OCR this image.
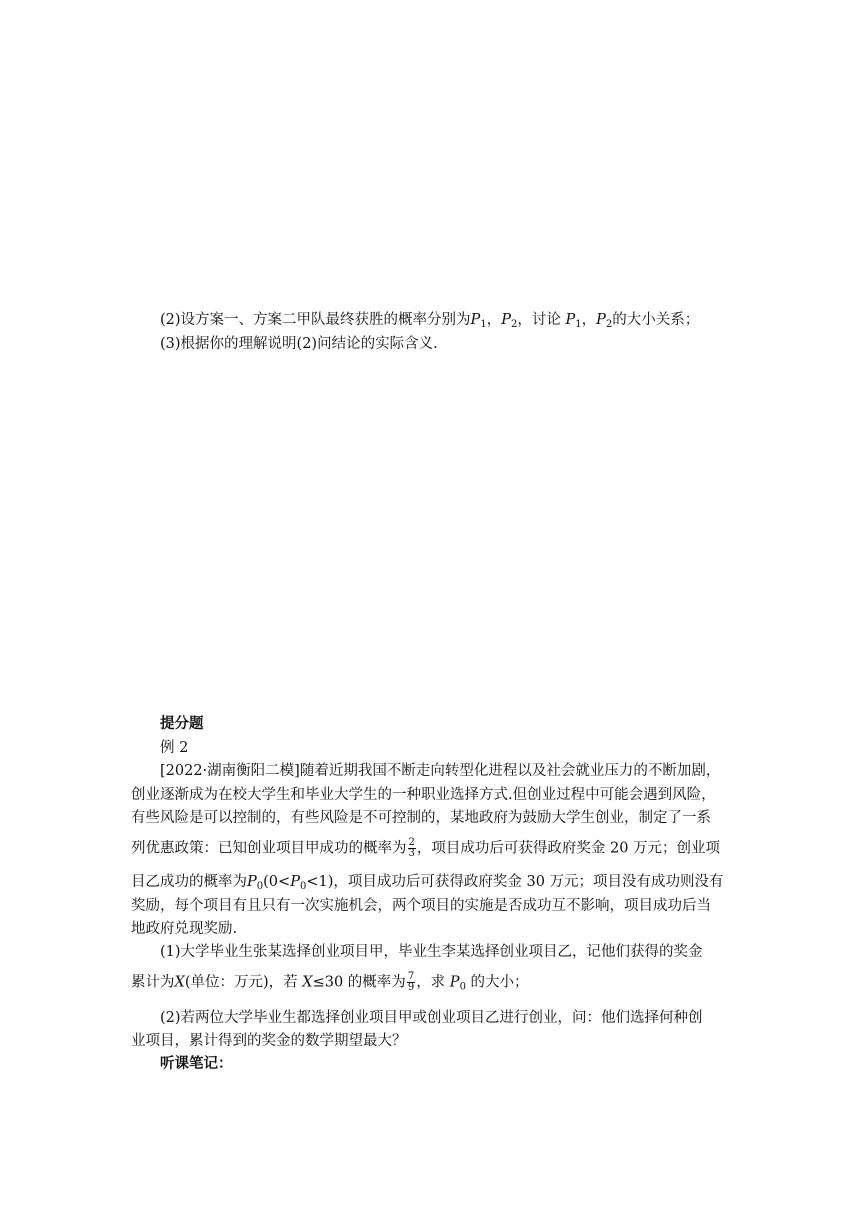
(2)设方案一、方案二甲队最终获胜的概率分别为$P_1$，$P_2$，讨论 $P_1$，$P_2$的大小关系；
(3)根据你的理解说明(2)问结论的实际含义.
提分题
例 2
[2022·湖南衡阳二模]随着近期我国不断走向转型化进程以及社会就业压力的不断加剧，
创业逐渐成为在校大学生和毕业大学生的一种职业选择方式.但创业过程中可能会遇到风险，
有些风险是可以控制的，有些风险是不可控制的，某地政府为鼓励大学生创业，制定了一系
列优惠政策：已知创业项目甲成功的概率为 $\frac{2}{3}$ ，项目成功后可获得政府奖金 20 万元；创业项
目乙成功的概率为$P_0(0<P_0<1)$，项目成功后可获得政府奖金 30 万元；项目没有成功则没有
奖励，每个项目有且只有一次实施机会，两个项目的实施是否成功互不影响，项目成功后当
地政府兑现奖励.
(1)大学毕业生张某选择创业项目甲，毕业生李某选择创业项目乙，记他们获得的奖金
累计为X(单位：万元)，若 X≤30 的概率为 $\frac{7}{9}$ ，求 $P_0$ 的大小；
(2)若两位大学毕业生都选择创业项目甲或创业项目乙进行创业，问：他们选择何种创
业项目，累计得到的奖金的数学期望最大？
听课笔记：
